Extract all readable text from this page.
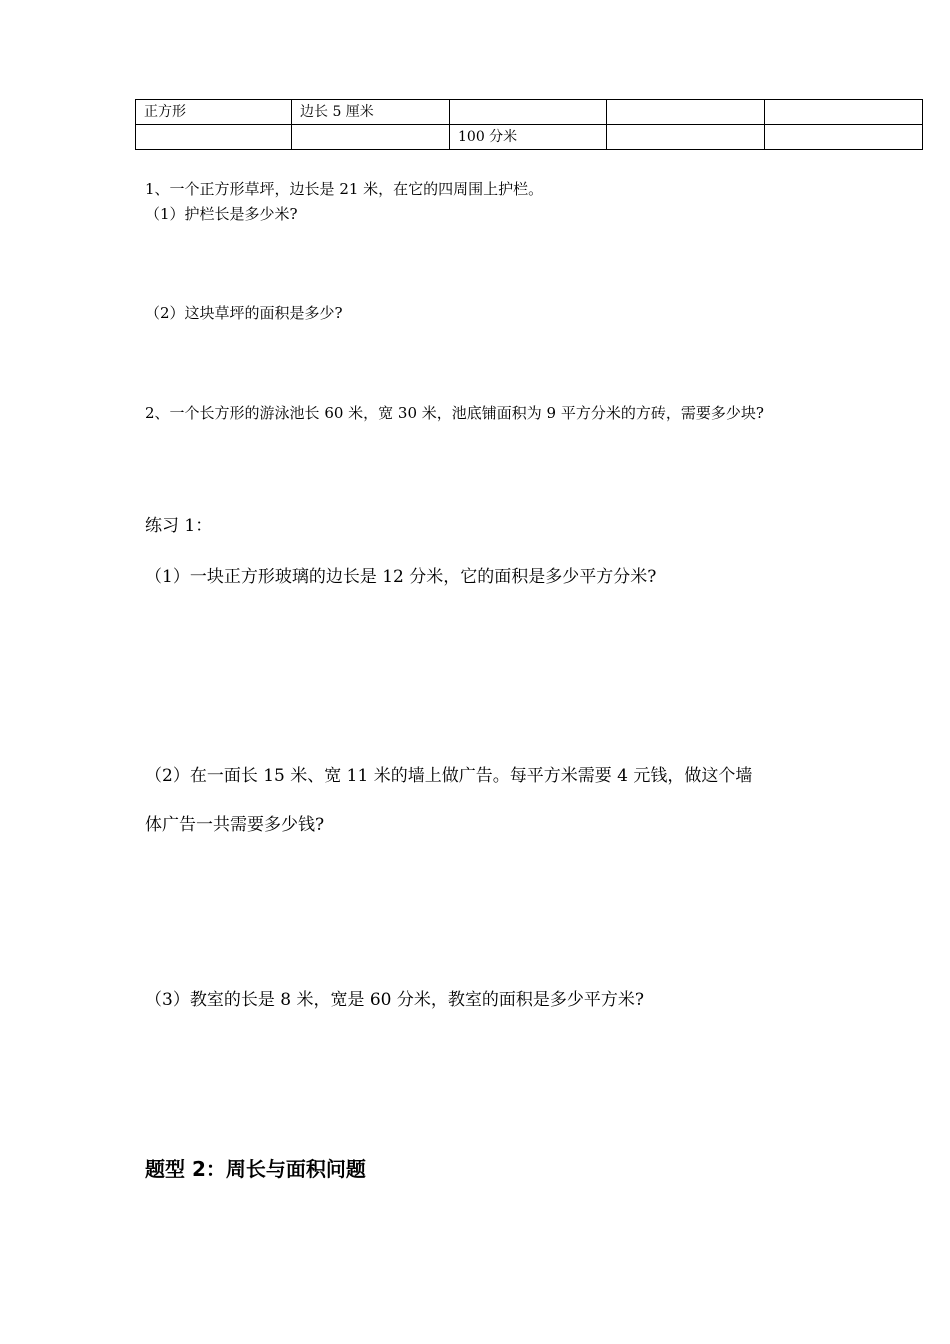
正方形	边长 5 厘米			
		100 分米		
1、一个正方形草坪，边长是 21 米，在它的四周围上护栏。
（1）护栏长是多少米?
（2）这块草坪的面积是多少?
2、一个长方形的游泳池长 60 米，宽 30 米，池底铺面积为 9 平方分米的方砖，需要多少块?
练习 1：
（1）一块正方形玻璃的边长是 12 分米，它的面积是多少平方分米?
（2）在一面长 15 米、宽 11 米的墙上做广告。每平方米需要 4 元钱，做这个墙
体广告一共需要多少钱?
（3）教室的长是 8 米，宽是 60 分米，教室的面积是多少平方米?
题型 2：周长与面积问题
